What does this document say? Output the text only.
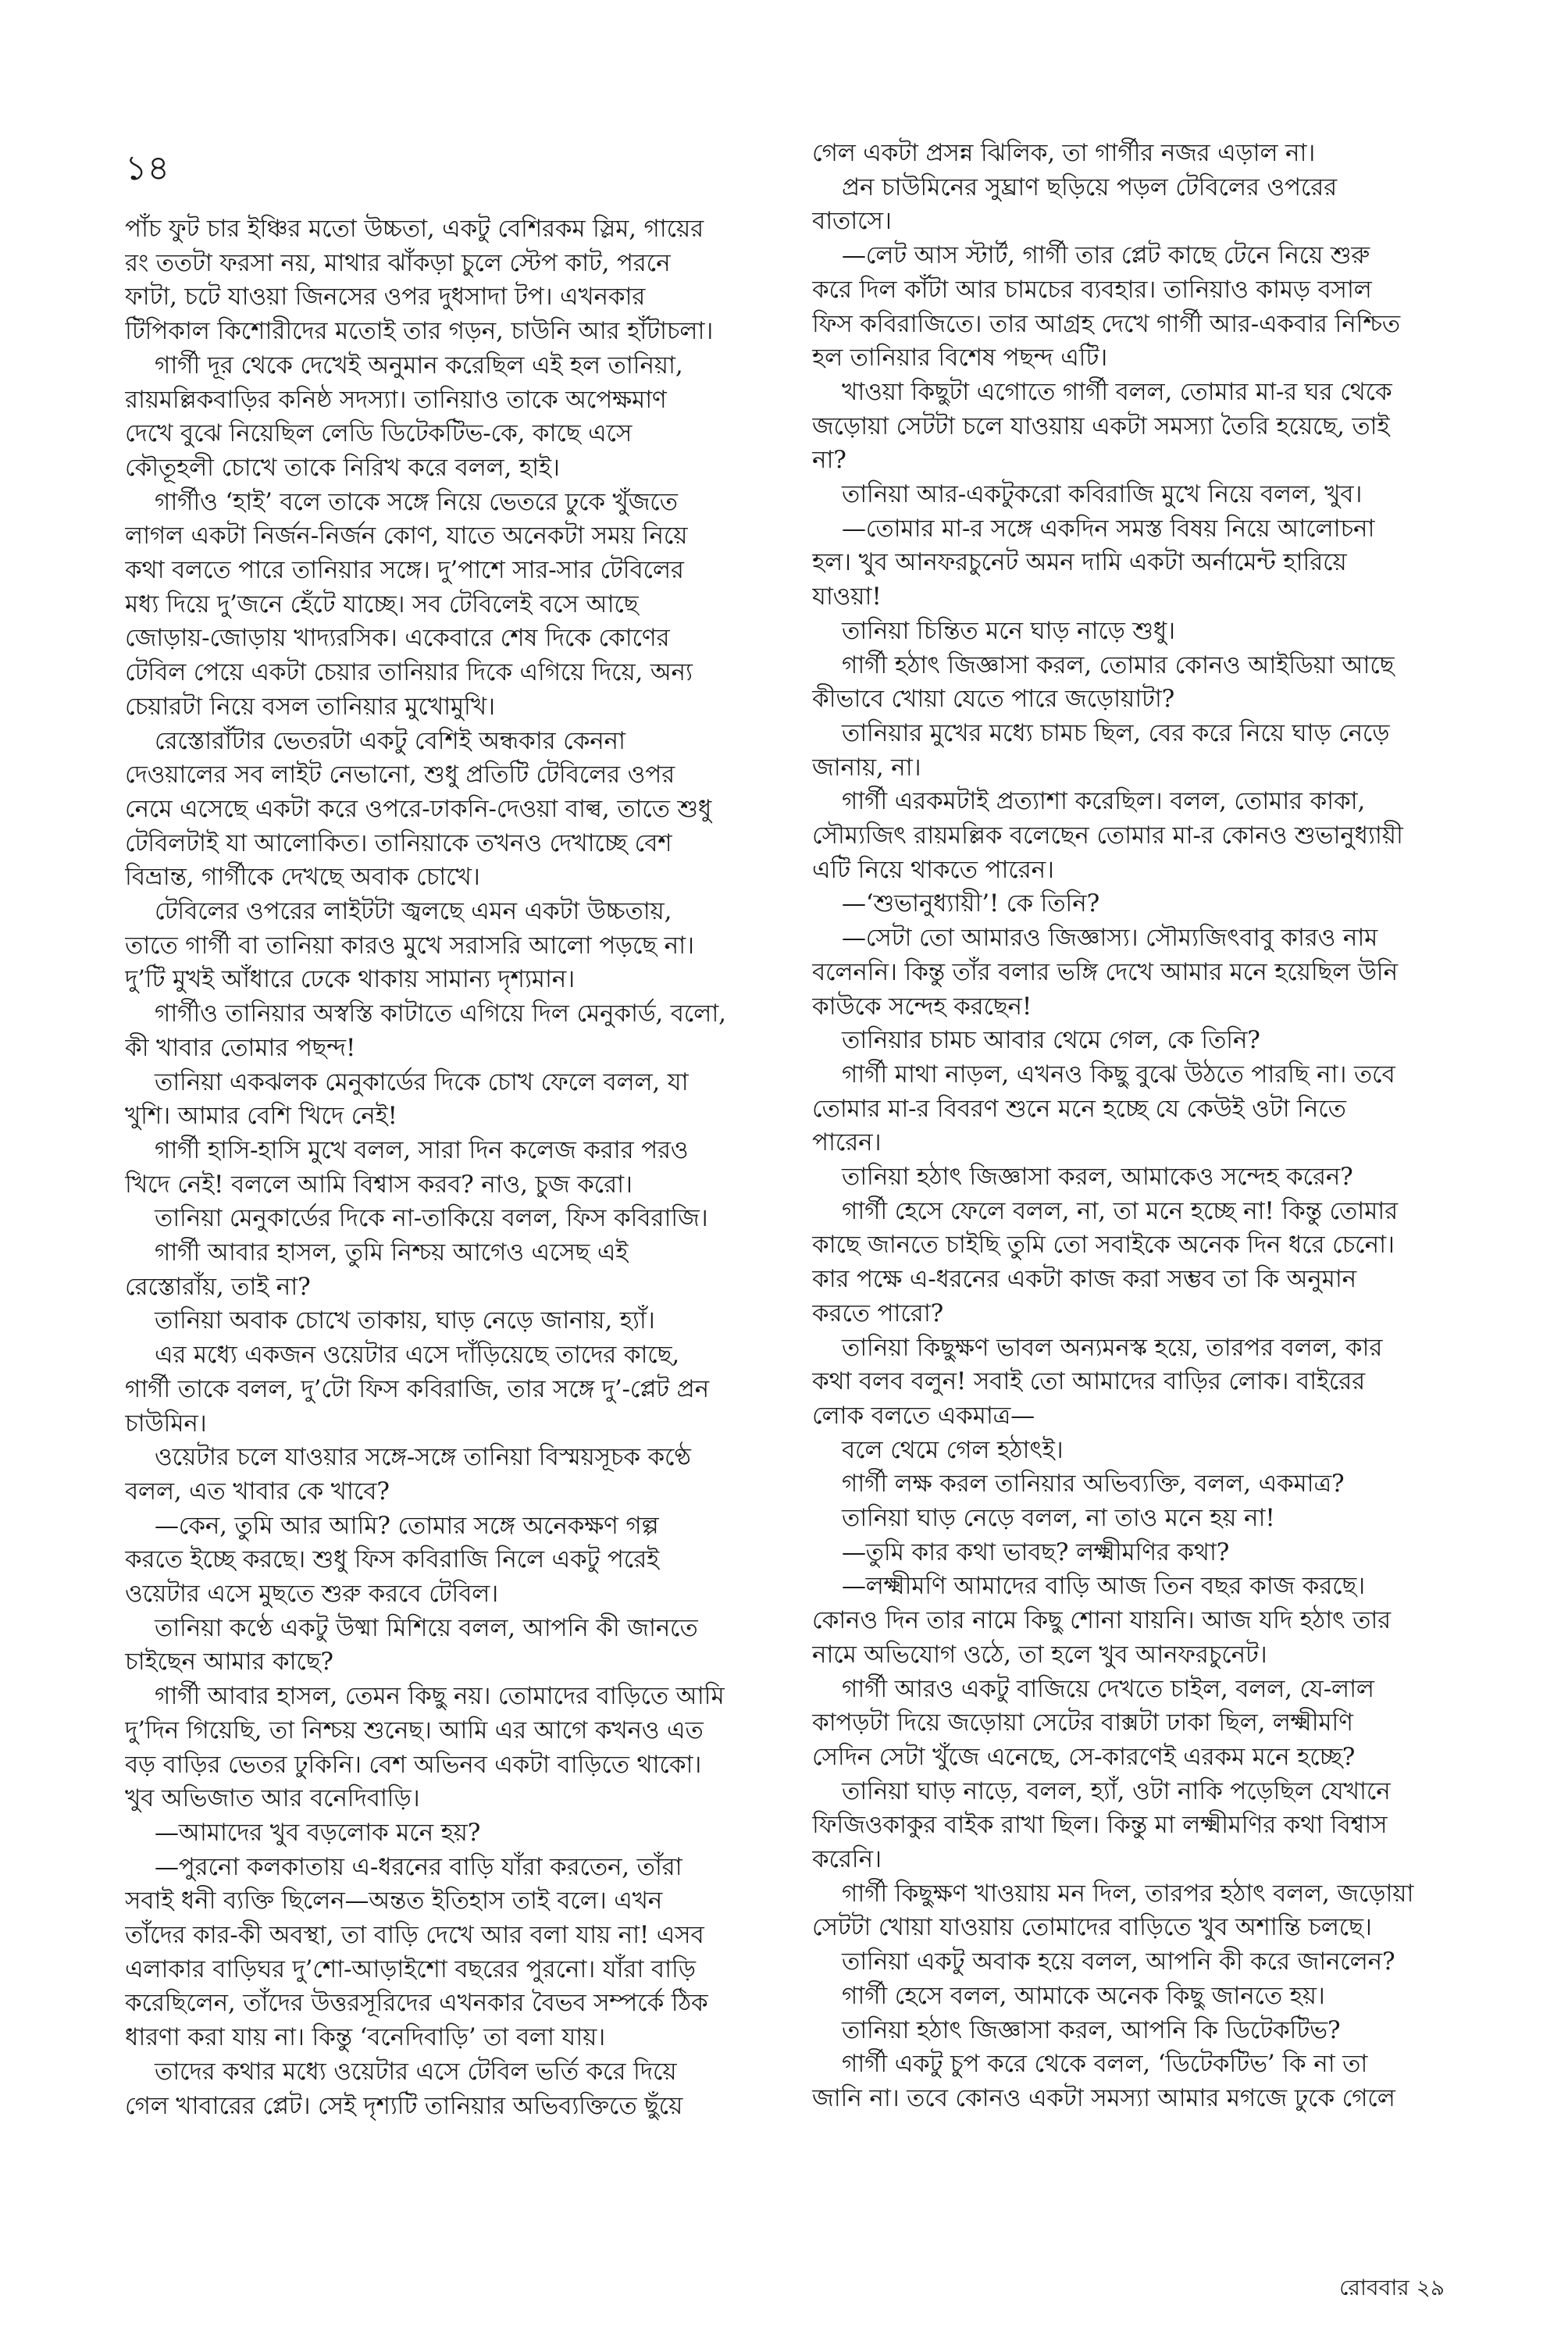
১৪
পাঁচ ফুট চার ইঞ্চির মতো উচ্চতা, একটু বেশিরকম স্লিম, গায়ের
রং ততটা ফরসা নয়, মাথার ঝাঁকড়া চুলে স্টেপ কাট, পরনে
ফাটা, চটে যাওয়া জিনসের ওপর দুধসাদা টপ। এখনকার
টিপিকাল কিশোরীদের মতোই তার গড়ন, চাউনি আর হাঁটাচলা।
গার্গী দূর থেকে দেখেই অনুমান করেছিল এই হল তানিয়া,
রায়মল্লিকবাড়ির কনিষ্ঠ সদস্যা। তানিয়াও তাকে অপেক্ষমাণ
দেখে বুঝে নিয়েছিল লেডি ডিটেকটিভ-কে, কাছে এসে
কৌতূহলী চোখে তাকে নিরিখ করে বলল, হাই।
গার্গীও ‘হাই’ বলে তাকে সঙ্গে নিয়ে ভেতরে ঢুকে খুঁজতে
লাগল একটা নির্জন-নির্জন কোণ, যাতে অনেকটা সময় নিয়ে
কথা বলতে পারে তানিয়ার সঙ্গে। দু’পাশে সার-সার টেবিলের
মধ্য দিয়ে দু’জনে হেঁটে যাচ্ছে। সব টেবিলেই বসে আছে
জোড়ায়-জোড়ায় খাদ্যরসিক। একেবারে শেষ দিকে কোণের
টেবিল পেয়ে একটা চেয়ার তানিয়ার দিকে এগিয়ে দিয়ে, অন্য
চেয়ারটা নিয়ে বসল তানিয়ার মুখোমুখি।
রেস্তোরাঁটার ভেতরটা একটু বেশিই অন্ধকার কেননা
দেওয়ালের সব লাইট নেভানো, শুধু প্রতিটি টেবিলের ওপর
নেমে এসেছে একটা করে ওপরে-ঢাকনি-দেওয়া বাল্ব, তাতে শুধু
টেবিলটাই যা আলোকিত। তানিয়াকে তখনও দেখাচ্ছে বেশ
বিভ্রান্ত, গার্গীকে দেখছে অবাক চোখে।
টেবিলের ওপরের লাইটটা জ্বলছে এমন একটা উচ্চতায়,
তাতে গার্গী বা তানিয়া কারও মুখে সরাসরি আলো পড়ছে না।
দু’টি মুখই আঁধারে ঢেকে থাকায় সামান্য দৃশ্যমান।
গার্গীও তানিয়ার অস্বস্তি কাটাতে এগিয়ে দিল মেনুকার্ড, বলো,
কী খাবার তোমার পছন্দ!
তানিয়া একঝলক মেনুকার্ডের দিকে চোখ ফেলে বলল, যা
খুশি। আমার বেশি খিদে নেই!
গার্গী হাসি-হাসি মুখে বলল, সারা দিন কলেজ করার পরও
খিদে নেই! বললে আমি বিশ্বাস করব? নাও, চুজ করো।
তানিয়া মেনুকার্ডের দিকে না-তাকিয়ে বলল, ফিস কবিরাজি।
গার্গী আবার হাসল, তুমি নিশ্চয় আগেও এসেছ এই
রেস্তোরাঁয়, তাই না?
তানিয়া অবাক চোখে তাকায়, ঘাড় নেড়ে জানায়, হ্যাঁ।
এর মধ্যে একজন ওয়েটার এসে দাঁড়িয়েছে তাদের কাছে,
গার্গী তাকে বলল, দু’টো ফিস কবিরাজি, তার সঙ্গে দু’-প্লেট প্রন
চাউমিন।
ওয়েটার চলে যাওয়ার সঙ্গে-সঙ্গে তানিয়া বিস্ময়সূচক কণ্ঠে
বলল, এত খাবার কে খাবে?
—কেন, তুমি আর আমি? তোমার সঙ্গে অনেকক্ষণ গল্প
করতে ইচ্ছে করছে। শুধু ফিস কবিরাজি নিলে একটু পরেই
ওয়েটার এসে মুছতে শুরু করবে টেবিল।
তানিয়া কণ্ঠে একটু উষ্মা মিশিয়ে বলল, আপনি কী জানতে
চাইছেন আমার কাছে?
গার্গী আবার হাসল, তেমন কিছু নয়। তোমাদের বাড়িতে আমি
দু’দিন গিয়েছি, তা নিশ্চয় শুনেছ। আমি এর আগে কখনও এত
বড় বাড়ির ভেতর ঢুকিনি। বেশ অভিনব একটা বাড়িতে থাকো।
খুব অভিজাত আর বনেদিবাড়ি।
—আমাদের খুব বড়লোক মনে হয়?
—পুরনো কলকাতায় এ-ধরনের বাড়ি যাঁরা করতেন, তাঁরা
সবাই ধনী ব্যক্তি ছিলেন—অন্তত ইতিহাস তাই বলে। এখন
তাঁদের কার-কী অবস্থা, তা বাড়ি দেখে আর বলা যায় না! এসব
এলাকার বাড়িঘর দু’শো-আড়াইশো বছরের পুরনো। যাঁরা বাড়ি
করেছিলেন, তাঁদের উত্তরসূরিদের এখনকার বৈভব সম্পর্কে ঠিক
ধারণা করা যায় না। কিন্তু ‘বনেদিবাড়ি’ তা বলা যায়।
তাদের কথার মধ্যে ওয়েটার এসে টেবিল ভর্তি করে দিয়ে
গেল খাবারের প্লেট। সেই দৃশ্যটি তানিয়ার অভিব্যক্তিতে ছুঁয়ে
গেল একটা প্রসন্ন ঝিলিক, তা গার্গীর নজর এড়াল না।
প্রন চাউমিনের সুঘ্রাণ ছড়িয়ে পড়ল টেবিলের ওপরের
বাতাসে।
—লেট আস স্টার্ট, গার্গী তার প্লেট কাছে টেনে নিয়ে শুরু
করে দিল কাঁটা আর চামচের ব্যবহার। তানিয়াও কামড় বসাল
ফিস কবিরাজিতে। তার আগ্রহ দেখে গার্গী আর-একবার নিশ্চিত
হল তানিয়ার বিশেষ পছন্দ এটি।
খাওয়া কিছুটা এগোতে গার্গী বলল, তোমার মা-র ঘর থেকে
জড়োয়া সেটটা চলে যাওয়ায় একটা সমস্যা তৈরি হয়েছে, তাই
না?
তানিয়া আর-একটুকরো কবিরাজি মুখে নিয়ে বলল, খুব।
—তোমার মা-র সঙ্গে একদিন সমস্ত বিষয় নিয়ে আলোচনা
হল। খুব আনফরচুনেট অমন দামি একটা অর্নামেন্ট হারিয়ে
যাওয়া!
তানিয়া চিন্তিত মনে ঘাড় নাড়ে শুধু।
গার্গী হঠাৎ জিজ্ঞাসা করল, তোমার কোনও আইডিয়া আছে
কীভাবে খোয়া যেতে পারে জড়োয়াটা?
তানিয়ার মুখের মধ্যে চামচ ছিল, বের করে নিয়ে ঘাড় নেড়ে
জানায়, না।
গার্গী এরকমটাই প্রত্যাশা করেছিল। বলল, তোমার কাকা,
সৌম্যজিৎ রায়মল্লিক বলেছেন তোমার মা-র কোনও শুভানুধ্যায়ী
এটি নিয়ে থাকতে পারেন।
—‘শুভানুধ্যায়ী’! কে তিনি?
—সেটা তো আমারও জিজ্ঞাস্য। সৌম্যজিৎবাবু কারও নাম
বলেননি। কিন্তু তাঁর বলার ভঙ্গি দেখে আমার মনে হয়েছিল উনি
কাউকে সন্দেহ করছেন!
তানিয়ার চামচ আবার থেমে গেল, কে তিনি?
গার্গী মাথা নাড়ল, এখনও কিছু বুঝে উঠতে পারছি না। তবে
তোমার মা-র বিবরণ শুনে মনে হচ্ছে যে কেউই ওটা নিতে
পারেন।
তানিয়া হঠাৎ জিজ্ঞাসা করল, আমাকেও সন্দেহ করেন?
গার্গী হেসে ফেলে বলল, না, তা মনে হচ্ছে না! কিন্তু তোমার
কাছে জানতে চাইছি তুমি তো সবাইকে অনেক দিন ধরে চেনো।
কার পক্ষে এ-ধরনের একটা কাজ করা সম্ভব তা কি অনুমান
করতে পারো?
তানিয়া কিছুক্ষণ ভাবল অন্যমনস্ক হয়ে, তারপর বলল, কার
কথা বলব বলুন! সবাই তো আমাদের বাড়ির লোক। বাইরের
লোক বলতে একমাত্র—
বলে থেমে গেল হঠাৎই।
গার্গী লক্ষ করল তানিয়ার অভিব্যক্তি, বলল, একমাত্র?
তানিয়া ঘাড় নেড়ে বলল, না তাও মনে হয় না!
—তুমি কার কথা ভাবছ? লক্ষ্মীমণির কথা?
—লক্ষ্মীমণি আমাদের বাড়ি আজ তিন বছর কাজ করছে।
কোনও দিন তার নামে কিছু শোনা যায়নি। আজ যদি হঠাৎ তার
নামে অভিযোগ ওঠে, তা হলে খুব আনফরচুনেট।
গার্গী আরও একটু বাজিয়ে দেখতে চাইল, বলল, যে-লাল
কাপড়টা দিয়ে জড়োয়া সেটের বাক্সটা ঢাকা ছিল, লক্ষ্মীমণি
সেদিন সেটা খুঁজে এনেছে, সে-কারণেই এরকম মনে হচ্ছে?
তানিয়া ঘাড় নাড়ে, বলল, হ্যাঁ, ওটা নাকি পড়েছিল যেখানে
ফিজিওকাকুর বাইক রাখা ছিল। কিন্তু মা লক্ষ্মীমণির কথা বিশ্বাস
করেনি।
গার্গী কিছুক্ষণ খাওয়ায় মন দিল, তারপর হঠাৎ বলল, জড়োয়া
সেটটা খোয়া যাওয়ায় তোমাদের বাড়িতে খুব অশান্তি চলছে।
তানিয়া একটু অবাক হয়ে বলল, আপনি কী করে জানলেন?
গার্গী হেসে বলল, আমাকে অনেক কিছু জানতে হয়।
তানিয়া হঠাৎ জিজ্ঞাসা করল, আপনি কি ডিটেকটিভ?
গার্গী একটু চুপ করে থেকে বলল, ‘ডিটেকটিভ’ কি না তা
জানি না। তবে কোনও একটা সমস্যা আমার মগজে ঢুকে গেলে
রোববার ২৯
